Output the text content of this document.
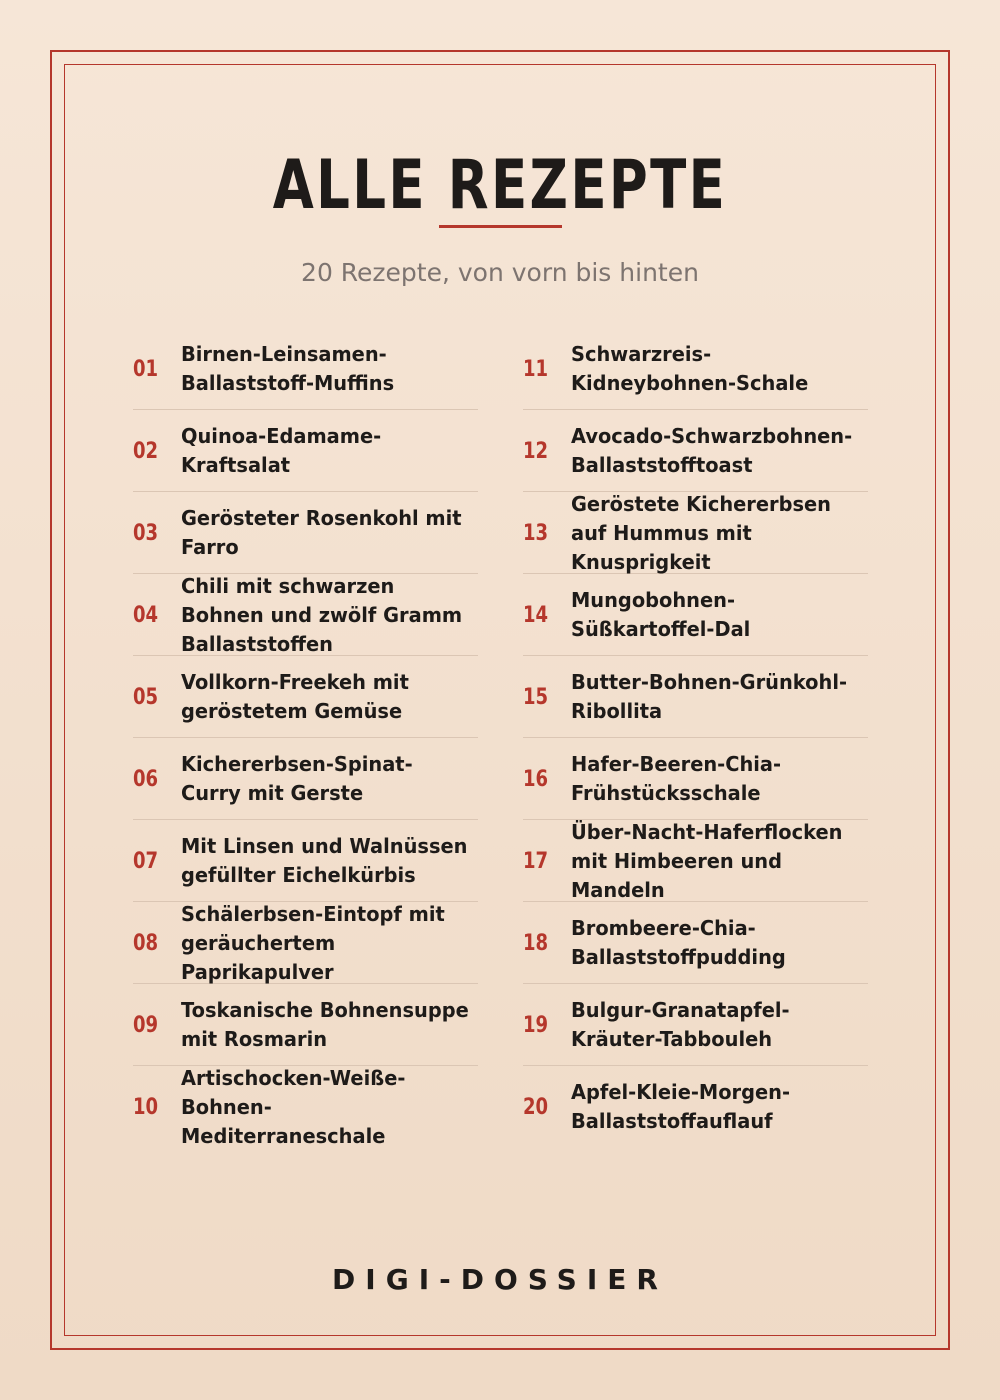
ALLE REZEPTE
20 Rezepte, von vorn bis hinten
01
Birnen-Leinsamen-Ballaststoff-Muffins
02
Quinoa-Edamame-Kraftsalat
03
Gerösteter Rosenkohl mit Farro
04
Chili mit schwarzen Bohnen und zwölf Gramm Ballaststoffen
05
Vollkorn-Freekeh mit geröstetem Gemüse
06
Kichererbsen-Spinat-Curry mit Gerste
07
Mit Linsen und Walnüssen gefüllter Eichelkürbis
08
Schälerbsen-Eintopf mit geräuchertem Paprikapulver
09
Toskanische Bohnensuppe mit Rosmarin
10
Artischocken-Weiße-Bohnen-Mediterraneschale
11
Schwarzreis-Kidneybohnen-Schale
12
Avocado-Schwarzbohnen-Ballaststofftoast
13
Geröstete Kichererbsen auf Hummus mit Knusprigkeit
14
Mungobohnen-Süßkartoffel-Dal
15
Butter-Bohnen-Grünkohl-Ribollita
16
Hafer-Beeren-Chia-Frühstücksschale
17
Über-Nacht-Haferflocken mit Himbeeren und Mandeln
18
Brombeere-Chia-Ballaststoffpudding
19
Bulgur-Granatapfel-Kräuter-Tabbouleh
20
Apfel-Kleie-Morgen-Ballaststoffauflauf
DIGI-DOSSIER
